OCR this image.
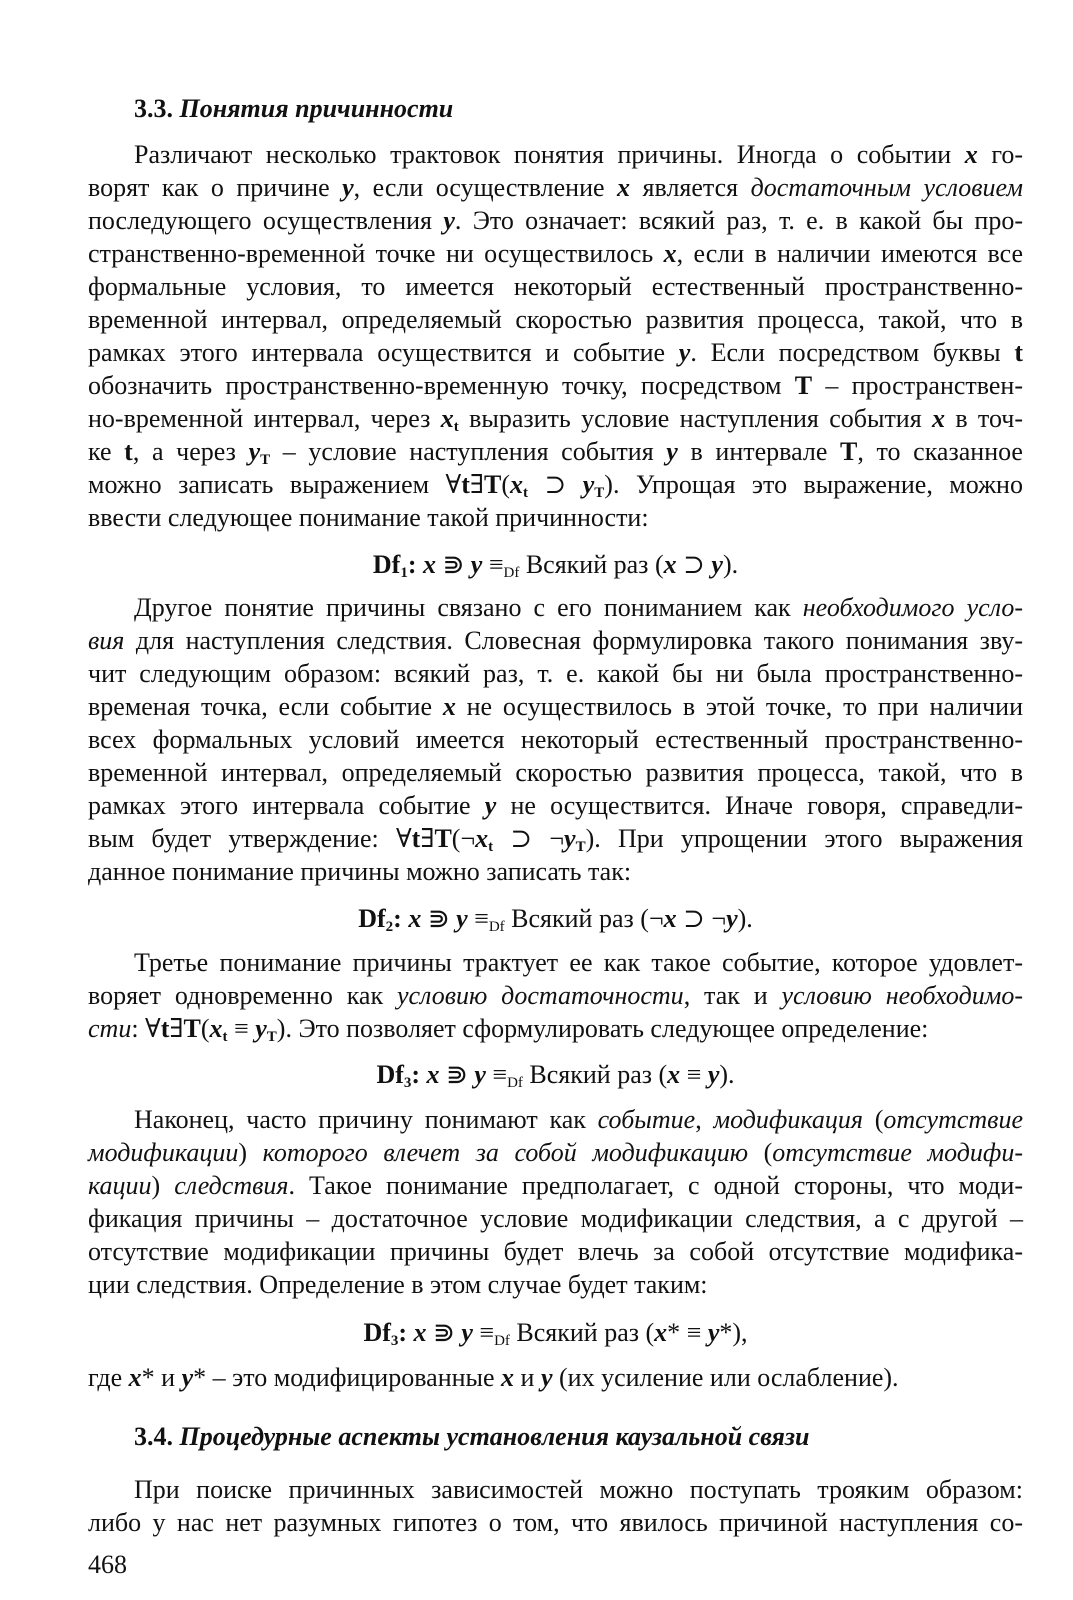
3.3. Понятия причинности
Различают несколько трактовок понятия причины. Иногда о событии x го-
ворят как о причине y, если осуществление x является достаточным условием
последующего осуществления y. Это означает: всякий раз, т. е. в какой бы про-
странственно-временной точке ни осуществилось x, если в наличии имеются все
формальные условия, то имеется некоторый естественный пространственно-
временной интервал, определяемый скоростью развития процесса, такой, что в
рамках этого интервала осуществится и событие y. Если посредством буквы t
обозначить пространственно-временную точку, посредством T – пространствен-
но-временной интервал, через $x_t$ выразить условие наступления события x в точ-
ке t, а через $y_T$ – условие наступления события y в интервале T, то сказанное
можно записать выражением $\forall t\exists T(x_t$ ⊃ $y_T$). Упрощая это выражение, можно
ввести следующее понимание такой причинности:
$Df_1$: x ⋑ $y \equiv_{Df}$ Всякий раз (x ⊃ y).
Другое понятие причины связано с его пониманием как необходимого усло-
вия для наступления следствия. Словесная формулировка такого понимания зву-
чит следующим образом: всякий раз, т. е. какой бы ни была пространственно-
временая точка, если событие x не осуществилось в этой точке, то при наличии
всех формальных условий имеется некоторый естественный пространственно-
временной интервал, определяемый скоростью развития процесса, такой, что в
рамках этого интервала событие y не осуществится. Иначе говоря, справедли-
вым будет утверждение: $\forall t\exists T(\neg x_t$ ⊃ $\neg y_T$). При упрощении этого выражения
данное понимание причины можно записать так:
$Df_2$: x ⋑ $y \equiv_{Df}$ Всякий раз (¬x ⊃ ¬y).
Третье понимание причины трактует ее как такое событие, которое удовлет-
воряет одновременно как условию достаточности, так и условию необходимо-
сти: $\forall t\exists T(x_t \equiv y_T)$. Это позволяет сформулировать следующее определение:
$Df_3$: x ⋑ $y \equiv_{Df}$ Всякий раз (x ≡ y).
Наконец, часто причину понимают как событие, модификация (отсутствие
модификации) которого влечет за собой модификацию (отсутствие модифи-
кации) следствия. Такое понимание предполагает, с одной стороны, что моди-
фикация причины – достаточное условие модификации следствия, а с другой –
отсутствие модификации причины будет влечь за собой отсутствие модифика-
ции следствия. Определение в этом случае будет таким:
$Df_3$: x ⋑ $y \equiv_{Df}$ Всякий раз (x* ≡ y*),
где x* и y* – это модифицированные x и y (их усиление или ослабление).
3.4. Процедурные аспекты установления каузальной связи
При поиске причинных зависимостей можно поступать трояким образом:
либо у нас нет разумных гипотез о том, что явилось причиной наступления со-
468
